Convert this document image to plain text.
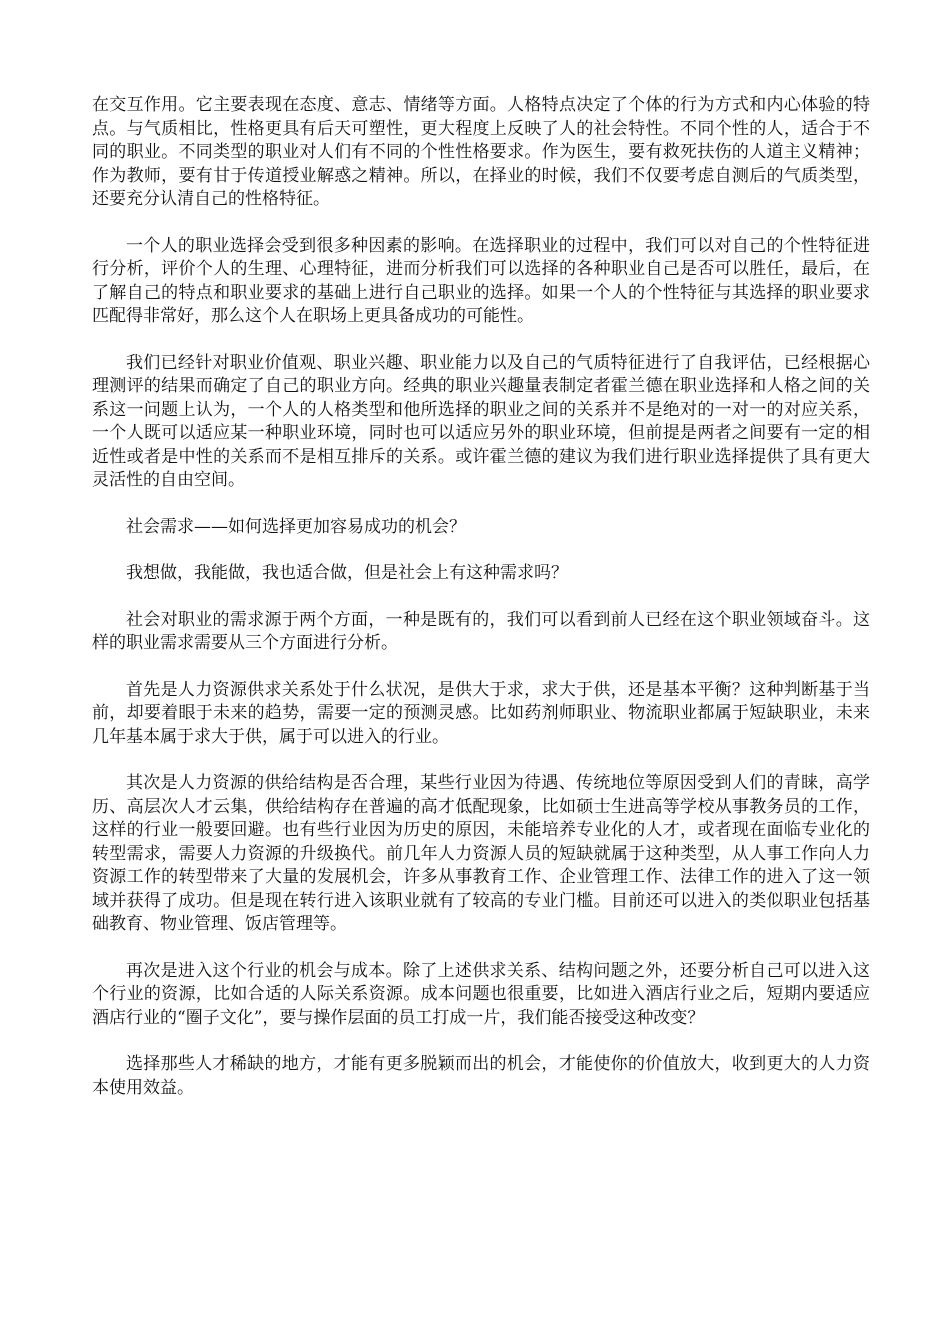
在交互作用。它主要表现在态度、意志、情绪等方面。人格特点决定了个体的行为方式和内心体验的特点。与气质相比，性格更具有后天可塑性，更大程度上反映了人的社会特性。不同个性的人，适合于不同的职业。不同类型的职业对人们有不同的个性性格要求。作为医生，要有救死扶伤的人道主义精神；作为教师，要有甘于传道授业解惑之精神。所以，在择业的时候，我们不仅要考虑自测后的气质类型，还要充分认清自己的性格特征。

一个人的职业选择会受到很多种因素的影响。在选择职业的过程中，我们可以对自己的个性特征进行分析，评价个人的生理、心理特征，进而分析我们可以选择的各种职业自己是否可以胜任，最后，在了解自己的特点和职业要求的基础上进行自己职业的选择。如果一个人的个性特征与其选择的职业要求匹配得非常好，那么这个人在职场上更具备成功的可能性。

我们已经针对职业价值观、职业兴趣、职业能力以及自己的气质特征进行了自我评估，已经根据心理测评的结果而确定了自己的职业方向。经典的职业兴趣量表制定者霍兰德在职业选择和人格之间的关系这一问题上认为，一个人的人格类型和他所选择的职业之间的关系并不是绝对的一对一的对应关系，一个人既可以适应某一种职业环境，同时也可以适应另外的职业环境，但前提是两者之间要有一定的相近性或者是中性的关系而不是相互排斥的关系。或许霍兰德的建议为我们进行职业选择提供了具有更大灵活性的自由空间。

社会需求——如何选择更加容易成功的机会？

我想做，我能做，我也适合做，但是社会上有这种需求吗？

社会对职业的需求源于两个方面，一种是既有的，我们可以看到前人已经在这个职业领域奋斗。这样的职业需求需要从三个方面进行分析。

首先是人力资源供求关系处于什么状况，是供大于求，求大于供，还是基本平衡？这种判断基于当前，却要着眼于未来的趋势，需要一定的预测灵感。比如药剂师职业、物流职业都属于短缺职业，未来几年基本属于求大于供，属于可以进入的行业。

其次是人力资源的供给结构是否合理，某些行业因为待遇、传统地位等原因受到人们的青睐，高学历、高层次人才云集，供给结构存在普遍的高才低配现象，比如硕士生进高等学校从事教务员的工作，这样的行业一般要回避。也有些行业因为历史的原因，未能培养专业化的人才，或者现在面临专业化的转型需求，需要人力资源的升级换代。前几年人力资源人员的短缺就属于这种类型，从人事工作向人力资源工作的转型带来了大量的发展机会，许多从事教育工作、企业管理工作、法律工作的进入了这一领域并获得了成功。但是现在转行进入该职业就有了较高的专业门槛。目前还可以进入的类似职业包括基础教育、物业管理、饭店管理等。

再次是进入这个行业的机会与成本。除了上述供求关系、结构问题之外，还要分析自己可以进入这个行业的资源，比如合适的人际关系资源。成本问题也很重要，比如进入酒店行业之后，短期内要适应酒店行业的“圈子文化”，要与操作层面的员工打成一片，我们能否接受这种改变？

选择那些人才稀缺的地方，才能有更多脱颖而出的机会，才能使你的价值放大，收到更大的人力资本使用效益。
